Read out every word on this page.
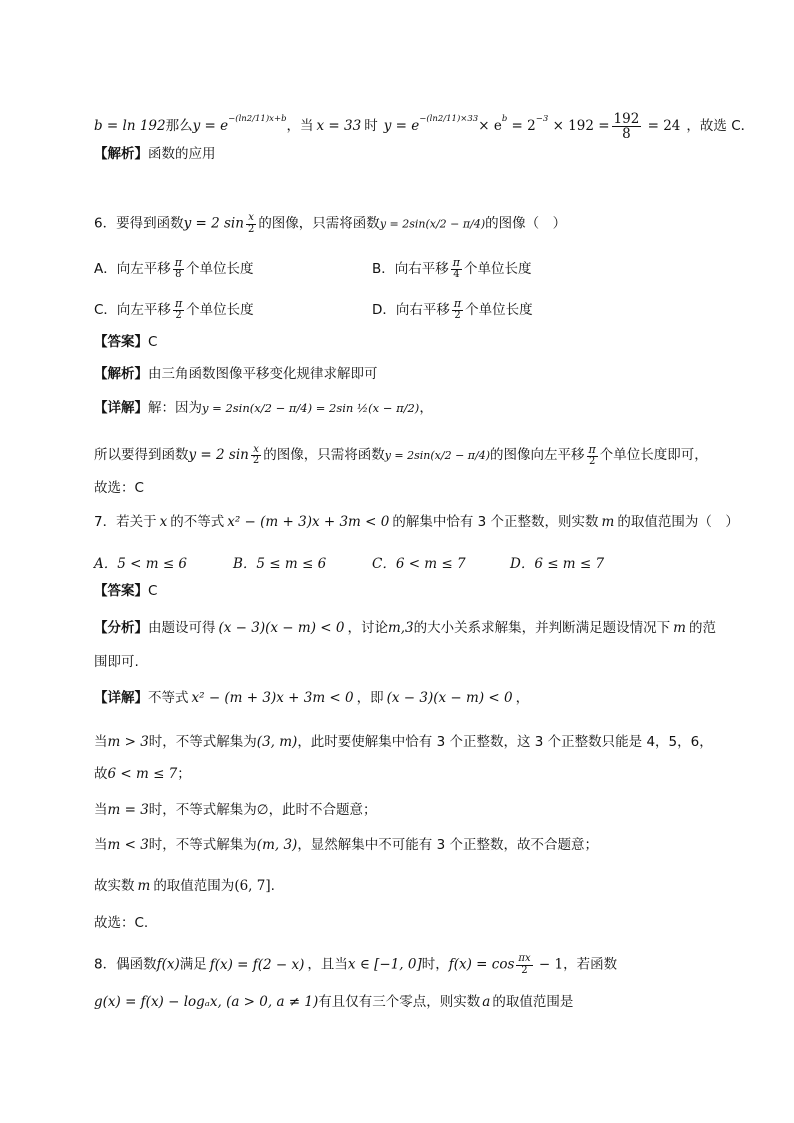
b = ln 192那么$y = e^{-(ln2/11)x+b}$，当 x = 33 时 $y = e^{-(ln2/11)\times 33}\times e^b = 2^{-3} \times 192 = \frac{192}{8} = 24$ ，故选 C．
【解析】函数的应用
6．要得到函数y = 2 $\sin \frac{x}{2}$ 的图像，只需将函数y = 2sin(x/2 − π/4)的图像（　）
A．向左平移 $\frac{\pi}{8}$ 个单位长度	B．向右平移 $\frac{\pi}{4}$ 个单位长度
C．向左平移 $\frac{\pi}{2}$ 个单位长度	D．向右平移 $\frac{\pi}{2}$ 个单位长度
【答案】C
【解析】由三角函数图像平移变化规律求解即可
【详解】解：因为y = 2sin(x/2 − π/4) = 2sin ½(x − π/2)，
所以要得到函数y = 2 $\sin \frac{x}{2}$ 的图像，只需将函数y = 2sin(x/2 − π/4)的图像向左平移 $\frac{\pi}{2}$ 个单位长度即可，
故选：C
7．若关于 x 的不等式 x² − (m + 3)x + 3m < 0 的解集中恰有 3 个正整数，则实数 m 的取值范围为（　）
A．5 < m ≤ 6	B．5 ≤ m ≤ 6	C．6 < m ≤ 7	D．6 ≤ m ≤ 7
【答案】C
【分析】由题设可得 (x − 3)(x − m) < 0 ，讨论m,3的大小关系求解集，并判断满足题设情况下 m 的范
围即可.
【详解】不等式 x² − (m + 3)x + 3m < 0 ，即 (x − 3)(x − m) < 0 ，
当m > 3时，不等式解集为(3, m)，此时要使解集中恰有 3 个正整数，这 3 个正整数只能是 4，5，6，
故6 < m ≤ 7；
当m = 3时，不等式解集为∅，此时不合题意；
当m < 3时，不等式解集为(m, 3)，显然解集中不可能有 3 个正整数，故不合题意；
故实数 m 的取值范围为(6, 7].
故选：C.
8．偶函数f(x)满足 f(x) = f(2 − x) ，且当x ∈ [−1, 0]时，$f(x) = \cos \frac{\pi x}{2} - 1$，若函数
g(x) = f(x) − logₐx, (a > 0, a ≠ 1)有且仅有三个零点，则实数 a 的取值范围是
